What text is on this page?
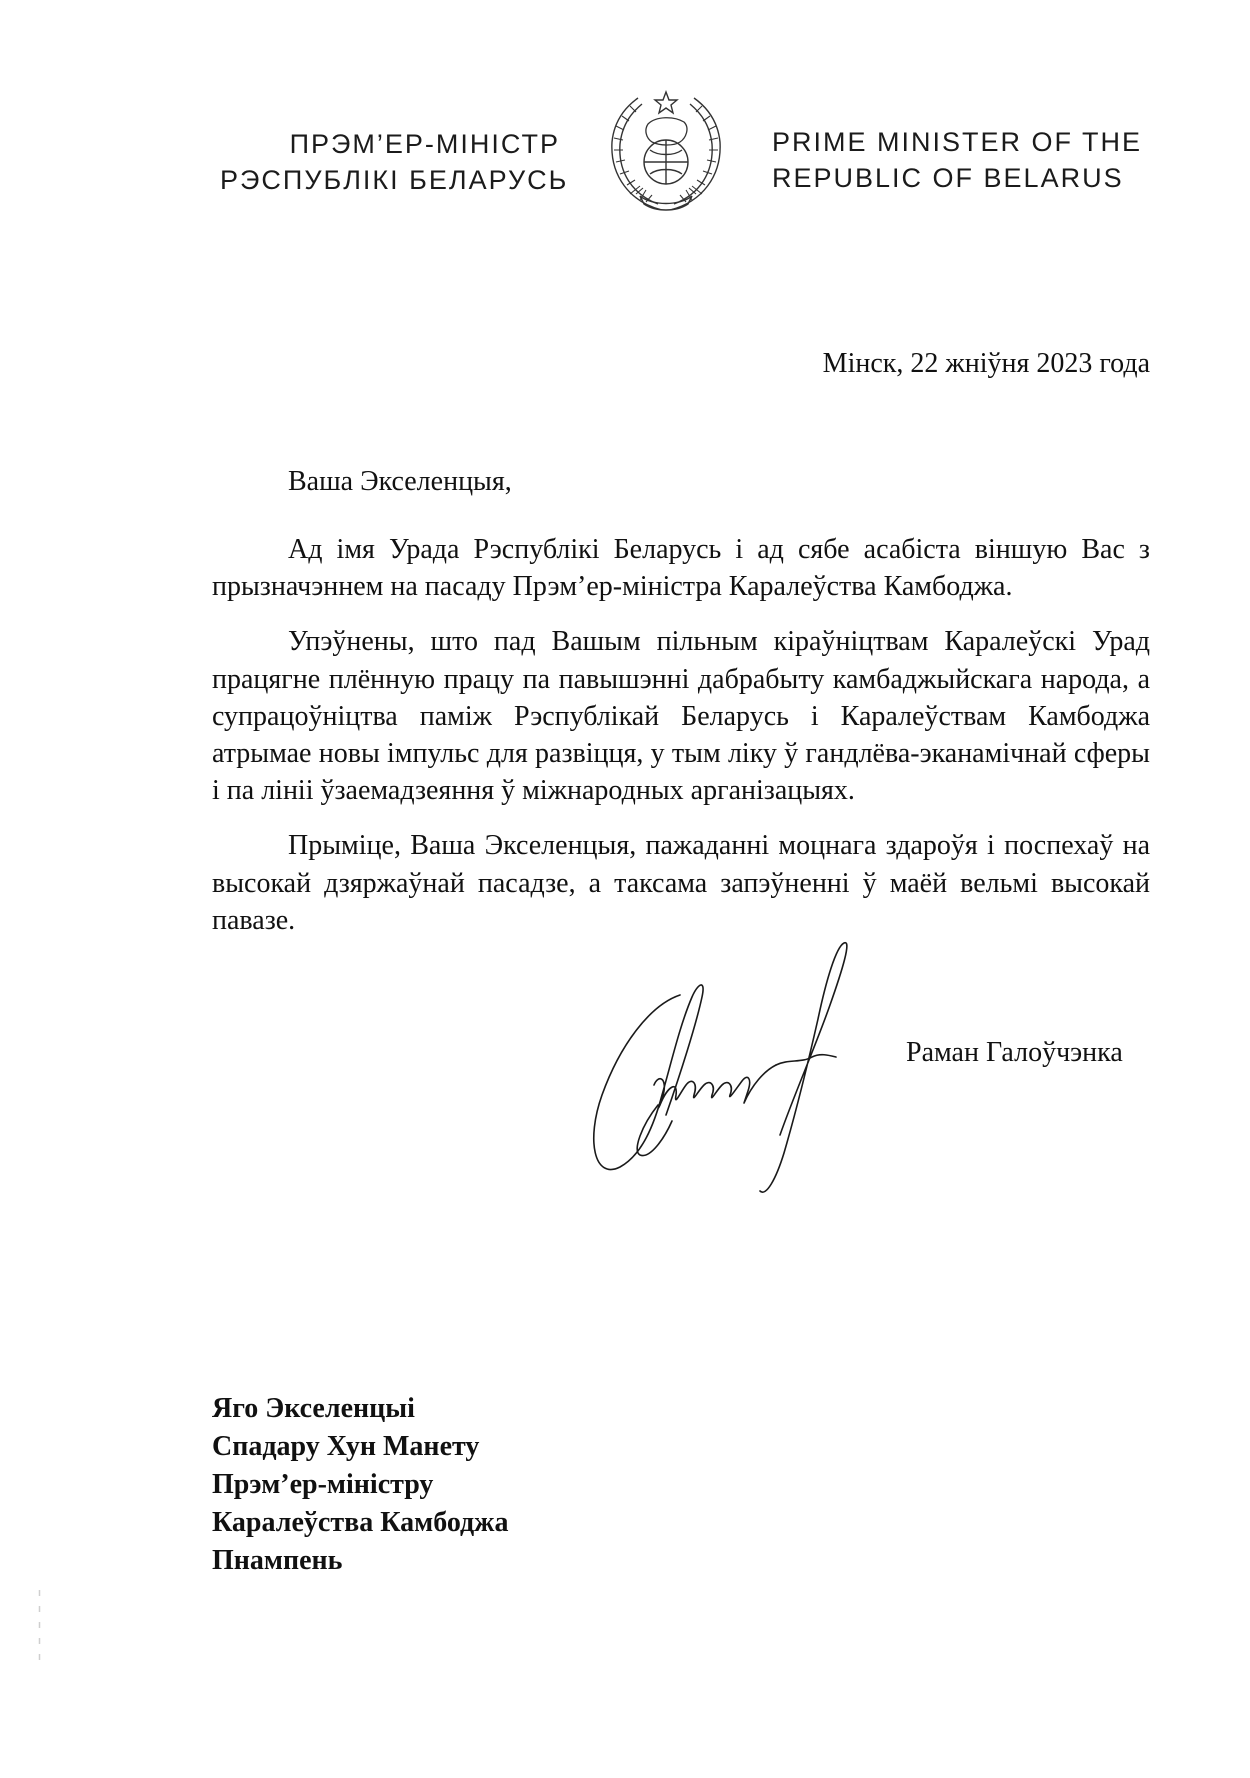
ПРЭМ’ЕР-МІНІСТР
РЭСПУБЛІКІ БЕЛАРУСЬ
PRIME MINISTER OF THE
REPUBLIC OF BELARUS
Мінск, 22 жніўня 2023 года
Ваша Экселенцыя,

Ад імя Урада Рэспублікі Беларусь і ад сябе асабіста віншую Вас з прызначэннем на пасаду Прэм’ер-міністра Каралеўства Камбоджа.

Упэўнены, што пад Вашым пільным кіраўніцтвам Каралеўскі Урад працягне плённую працу па павышэнні дабрабыту камбаджыйскага народа, а супрацоўніцтва паміж Рэспублікай Беларусь і Каралеўствам Камбоджа атрымае новы імпульс для развіцця, у тым ліку ў гандлёва-эканамічнай сферы і па лініі ўзаемадзеяння ў міжнародных арганізацыях.

Прыміце, Ваша Экселенцыя, пажаданні моцнага здароўя і поспехаў на высокай дзяржаўнай пасадзе, а таксама запэўненні ў маёй вельмі высокай павазе.

Раман Галоўчэнка
Яго Экселенцыі
Спадару Хун Манету
Прэм’ер-міністру
Каралеўства Камбоджа
Пнампень
